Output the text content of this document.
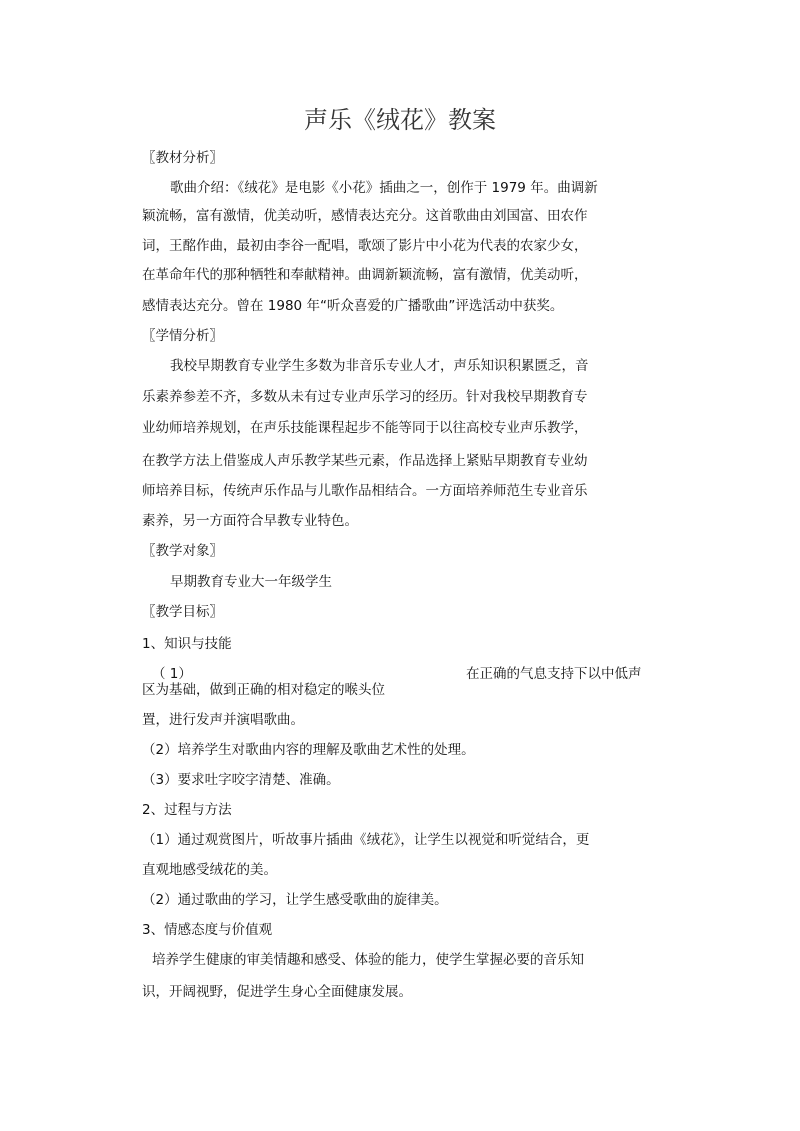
声乐《绒花》教案
〖教材分析〗
歌曲介绍：《绒花》是电影《小花》插曲之一，创作于 1979 年。曲调新
颖流畅，富有激情，优美动听，感情表达充分。这首歌曲由刘国富、田农作
词，王酩作曲，最初由李谷一配唱，歌颂了影片中小花为代表的农家少女，
在革命年代的那种牺牲和奉献精神。曲调新颖流畅，富有激情，优美动听，
感情表达充分。曾在 1980 年“听众喜爱的广播歌曲”评选活动中获奖。
〖学情分析〗
我校早期教育专业学生多数为非音乐专业人才，声乐知识积累匮乏，音
乐素养参差不齐，多数从未有过专业声乐学习的经历。针对我校早期教育专
业幼师培养规划，在声乐技能课程起步不能等同于以往高校专业声乐教学，
在教学方法上借鉴成人声乐教学某些元素，作品选择上紧贴早期教育专业幼
师培养目标，传统声乐作品与儿歌作品相结合。一方面培养师范生专业音乐
素养，另一方面符合早教专业特色。
〖教学对象〗
早期教育专业大一年级学生
〖教学目标〗
1、知识与技能
（ 1）	在正确的气息支持下以中低声
区为基础，做到正确的相对稳定的喉头位
置，进行发声并演唱歌曲。
（2）培养学生对歌曲内容的理解及歌曲艺术性的处理。
（3）要求吐字咬字清楚、准确。
2、过程与方法
（1）通过观赏图片，听故事片插曲《绒花》，让学生以视觉和听觉结合，更
直观地感受绒花的美。
（2）通过歌曲的学习，让学生感受歌曲的旋律美。
3、情感态度与价值观
培养学生健康的审美情趣和感受、体验的能力，使学生掌握必要的音乐知
识，开阔视野，促进学生身心全面健康发展。
